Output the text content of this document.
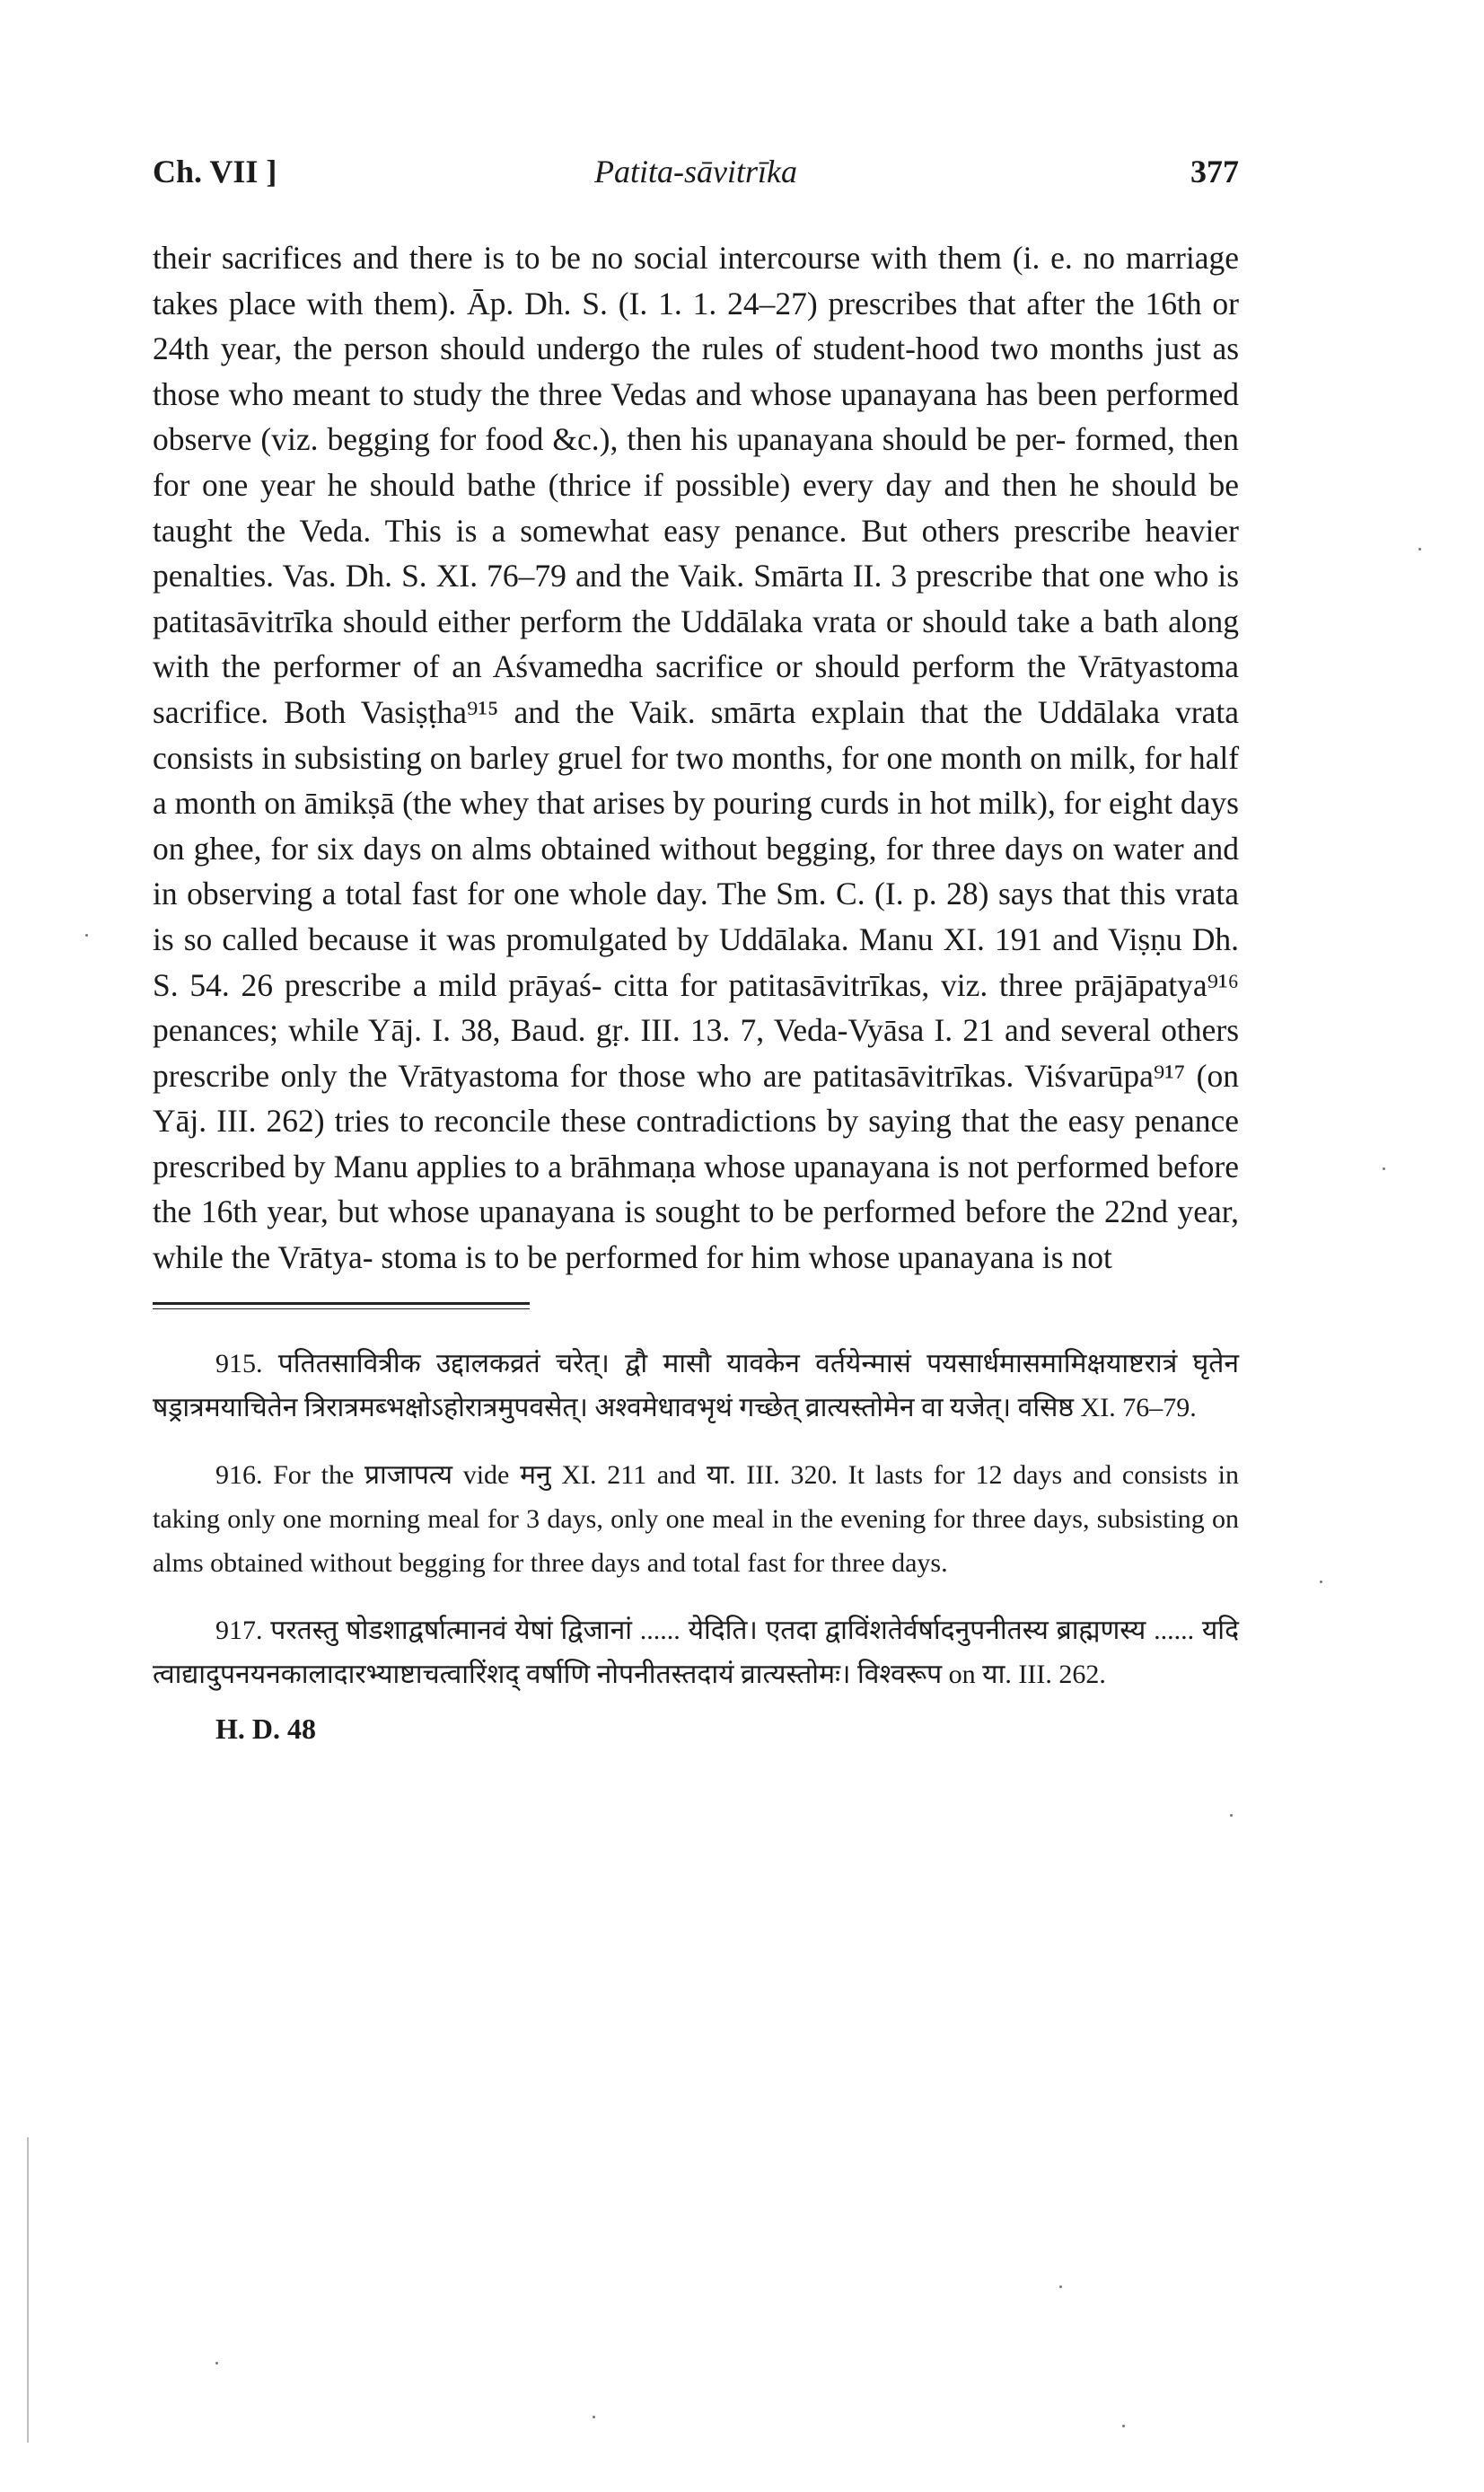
Ch. VII ]	Patita-sāvitrīka	377
their sacrifices and there is to be no social intercourse with them (i. e. no marriage takes place with them). Āp. Dh. S. (I. 1. 1. 24–27) prescribes that after the 16th or 24th year, the person should undergo the rules of student-hood two months just as those who meant to study the three Vedas and whose upanayana has been performed observe (viz. begging for food &c.), then his upanayana should be per- formed, then for one year he should bathe (thrice if possible) every day and then he should be taught the Veda. This is a somewhat easy penance. But others prescribe heavier penalties. Vas. Dh. S. XI. 76–79 and the Vaik. Smārta II. 3 prescribe that one who is patitasāvitrīka should either perform the Uddālaka vrata or should take a bath along with the performer of an Aśvamedha sacrifice or should perform the Vrātyastoma sacrifice. Both Vasiṣṭha⁹¹⁵ and the Vaik. smārta explain that the Uddālaka vrata consists in subsisting on barley gruel for two months, for one month on milk, for half a month on āmikṣā (the whey that arises by pouring curds in hot milk), for eight days on ghee, for six days on alms obtained without begging, for three days on water and in observing a total fast for one whole day. The Sm. C. (I. p. 28) says that this vrata is so called because it was promulgated by Uddālaka. Manu XI. 191 and Viṣṇu Dh. S. 54. 26 prescribe a mild prāyaś- citta for patitasāvitrīkas, viz. three prājāpatya⁹¹⁶ penances; while Yāj. I. 38, Baud. gṛ. III. 13. 7, Veda-Vyāsa I. 21 and several others prescribe only the Vrātyastoma for those who are patitasāvitrīkas. Viśvarūpa⁹¹⁷ (on Yāj. III. 262) tries to reconcile these contradictions by saying that the easy penance prescribed by Manu applies to a brāhmaṇa whose upanayana is not performed before the 16th year, but whose upanayana is sought to be performed before the 22nd year, while the Vrātya- stoma is to be performed for him whose upanayana is not
915. पतितसावित्रीक उद्दालकव्रतं चरेत्। द्वौ मासौ यावकेन वर्तयेन्मासं पयसार्धमासमामिक्षयाष्टरात्रं घृतेन षड्रात्रमयाचितेन त्रिरात्रमब्भक्षोऽहोरात्रमुपवसेत्। अश्वमेधावभृथं गच्छेत् व्रात्यस्तोमेन वा यजेत्। वसिष्ठ XI. 76–79.
916. For the प्राजापत्य vide मनु XI. 211 and या. III. 320. It lasts for 12 days and consists in taking only one morning meal for 3 days, only one meal in the evening for three days, subsisting on alms obtained without begging for three days and total fast for three days.
917. परतस्तु षोडशाद्वर्षात्मानवं येषां द्विजानां ...... येदिति। एतदा द्वाविंशतेर्वर्षादनुपनीतस्य ब्राह्मणस्य ...... यदि त्वाद्यादुपनयनकालादारभ्याष्टाचत्वारिंशद् वर्षाणि नोपनीतस्तदायं व्रात्यस्तोमः। विश्वरूप on या. III. 262.
H. D. 48
